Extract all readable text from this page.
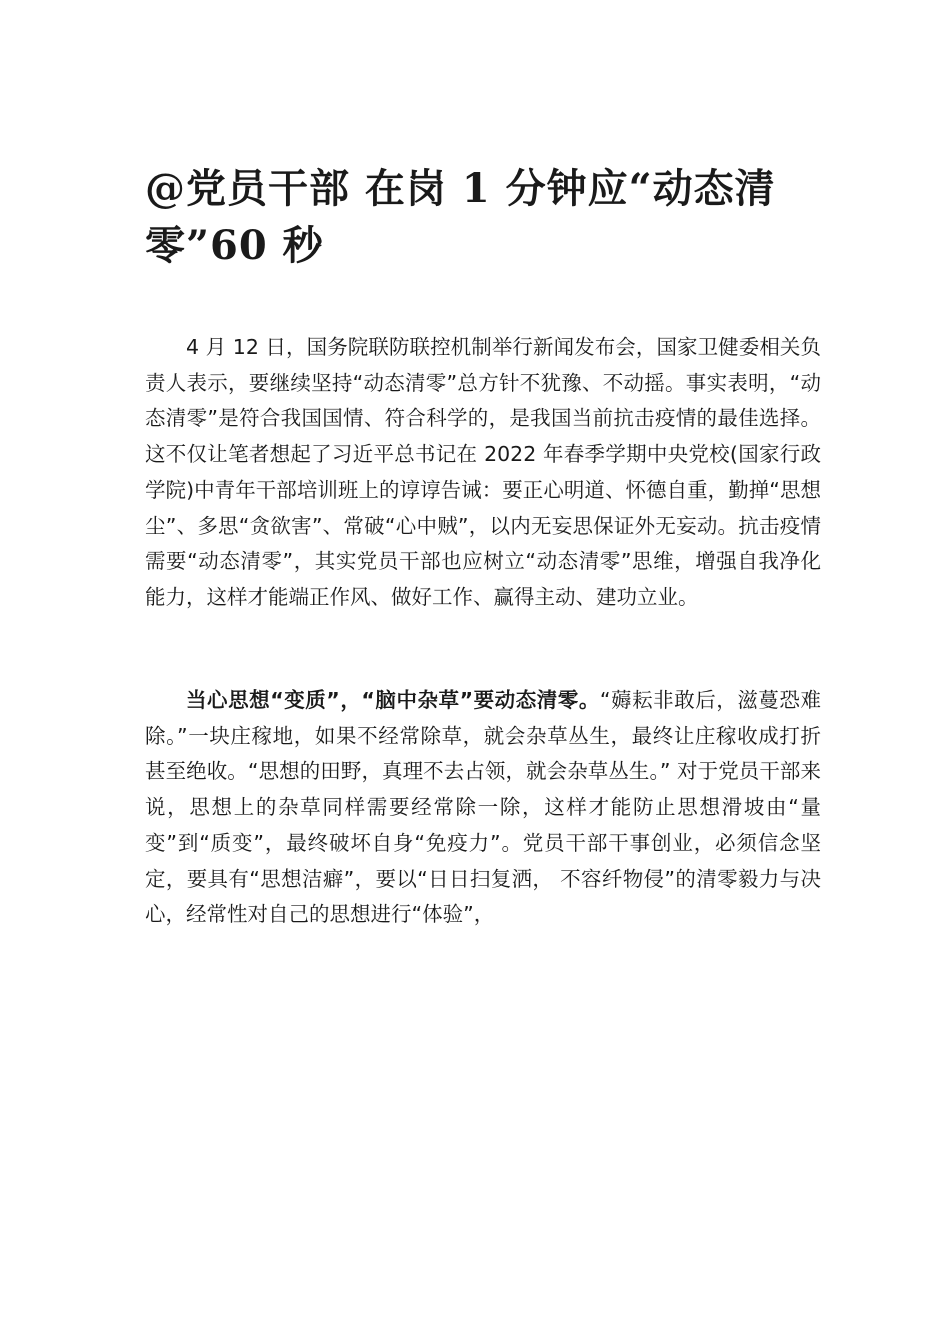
@党员干部 在岗 1 分钟应“动态清零”60 秒

4 月 12 日，国务院联防联控机制举行新闻发布会，国家卫健委相关负责人表示，要继续坚持“动态清零”总方针不犹豫、不动摇。事实表明，“动态清零”是符合我国国情、符合科学的，是我国当前抗击疫情的最佳选择。这不仅让笔者想起了习近平总书记在 2022 年春季学期中央党校(国家行政学院)中青年干部培训班上的谆谆告诫：要正心明道、怀德自重，勤掸“思想尘”、多思“贪欲害”、常破“心中贼”，以内无妄思保证外无妄动。抗击疫情需要“动态清零”，其实党员干部也应树立“动态清零”思维，增强自我净化能力，这样才能端正作风、做好工作、赢得主动、建功立业。

当心思想“变质”，“脑中杂草”要动态清零。“薅耘非敢后，滋蔓恐难除。”一块庄稼地，如果不经常除草，就会杂草丛生，最终让庄稼收成打折甚至绝收。“思想的田野，真理不去占领，就会杂草丛生。” 对于党员干部来说，思想上的杂草同样需要经常除一除，这样才能防止思想滑坡由“量变”到“质变”，最终破坏自身“免疫力”。党员干部干事创业，必须信念坚定，要具有“思想洁癖”，要以“日日扫复洒， 不容纤物侵”的清零毅力与决心，经常性对自己的思想进行“体验”，
